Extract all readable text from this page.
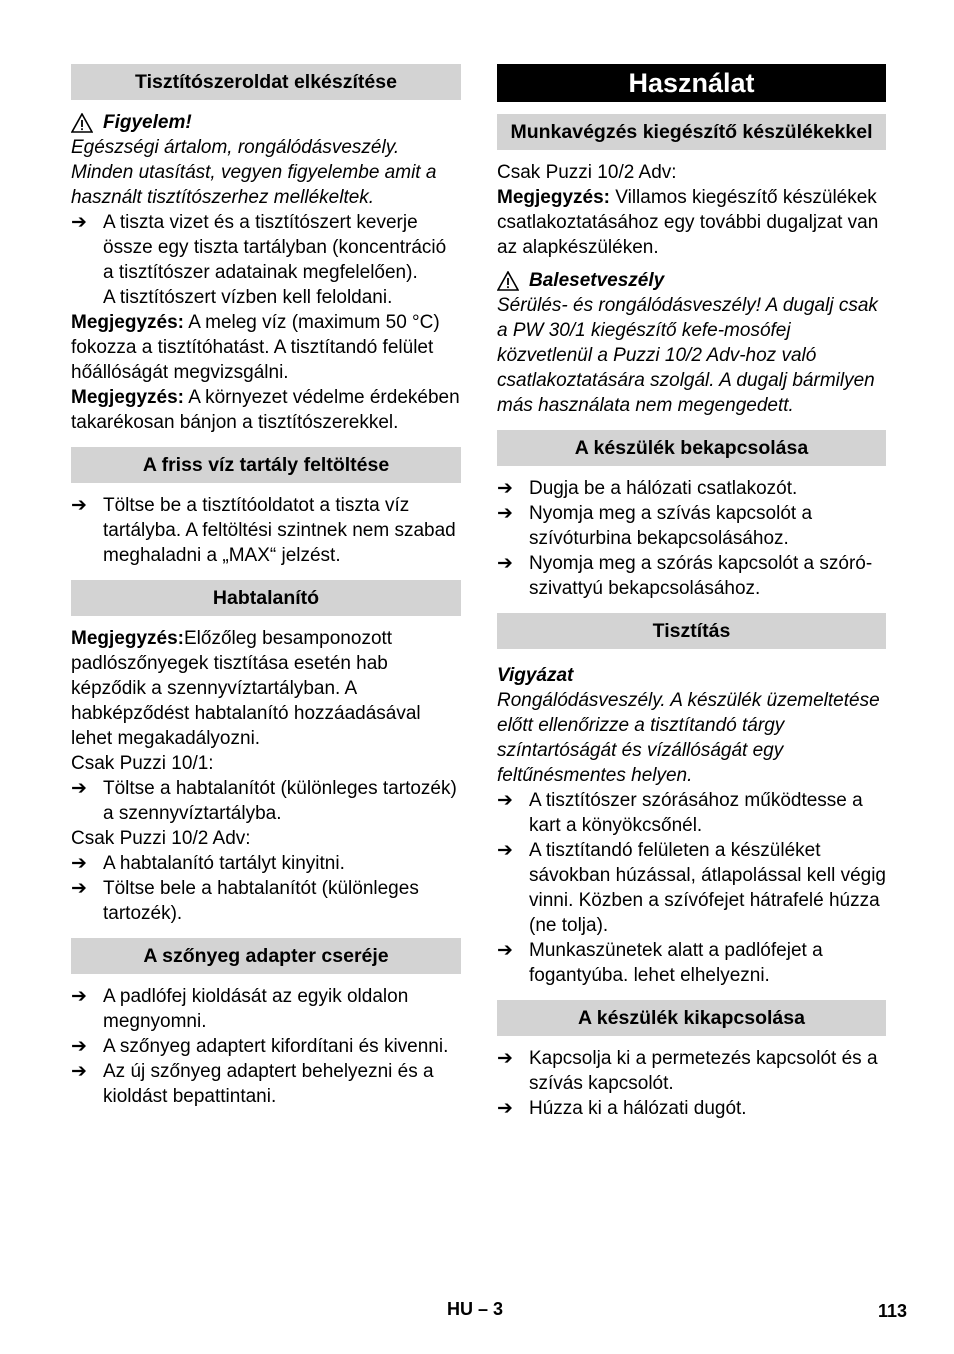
Tisztítószeroldat elkészítése
Figyelem!

Egészségi ártalom, rongálódásveszély. Minden utasítást, vegyen figyelembe amit a használt tisztítószerhez mellékeltek.

➔ A tiszta vizet és a tisztítószert keverje össze egy tiszta tartályban (koncentráció a tisztítószer adatainak megfelelően).

A tisztítószert vízben kell feloldani.

Megjegyzés: A meleg víz (maximum 50 °C) fokozza a tisztítóhatást. A tisztítandó felület hőállóságát megvizsgálni.

Megjegyzés: A környezet védelme érdekében takarékosan bánjon a tisztítószerekkel.

A friss víz tartály feltöltése
➔ Töltse be a tisztítóoldatot a tiszta víz tartályba. A feltöltési szintnek nem szabad meghaladni a „MAX“ jelzést.
Habtalanító

Megjegyzés:Előzőleg besamponozott padlószőnyegek tisztítása esetén hab képződik a szennyvíztartályban. A habképződést habtalanító hozzáadásával lehet megakadályozni.

Csak Puzzi 10/1:

➔ Töltse a habtalanítót (különleges tartozék) a szennyvíztartályba.

Csak Puzzi 10/2 Adv:

➔ A habtalanító tartályt kinyitni.
➔ Töltse bele a habtalanítót (különleges tartozék).
A szőnyeg adapter cseréje
➔ A padlófej kioldását az egyik oldalon megnyomni.
➔ A szőnyeg adaptert kifordítani és kivenni.
➔ Az új szőnyeg adaptert behelyezni és a kioldást bepattintani.
Használat
Munkavégzés kiegészítő készülékekkel

Csak Puzzi 10/2 Adv:

Megjegyzés: Villamos kiegészítő készülékek csatlakoztatásához egy további dugaljzat van az alapkészüléken.

Balesetveszély

Sérülés- és rongálódásveszély! A dugalj csak a PW 30/1 kiegészítő kefe-mosófej közvetlenül a Puzzi 10/2 Adv-hoz való csatlakoztatására szolgál. A dugalj bármilyen más használata nem megengedett.

A készülék bekapcsolása
➔ Dugja be a hálózati csatlakozót.
➔ Nyomja meg a szívás kapcsolót a szívóturbina bekapcsolásához.
➔ Nyomja meg a szórás kapcsolót a szóró-szivattyú bekapcsolásához.
Tisztítás
Vigyázat

Rongálódásveszély. A készülék üzemeltetése előtt ellenőrizze a tisztítandó tárgy színtartóságát és vízállóságát egy feltűnésmentes helyen.

➔ A tisztítószer szórásához működtesse a kart a könyökcsőnél.
➔ A tisztítandó felületen a készüléket sávokban húzással, átlapolással kell végig vinni. Közben a szívófejet hátrafelé húzza (ne tolja).
➔ Munkaszünetek alatt a padlófejet a fogantyúba. lehet elhelyezni.
A készülék kikapcsolása
➔ Kapcsolja ki a permetezés kapcsolót és a szívás kapcsolót.
➔ Húzza ki a hálózati dugót.
HU – 3	113
